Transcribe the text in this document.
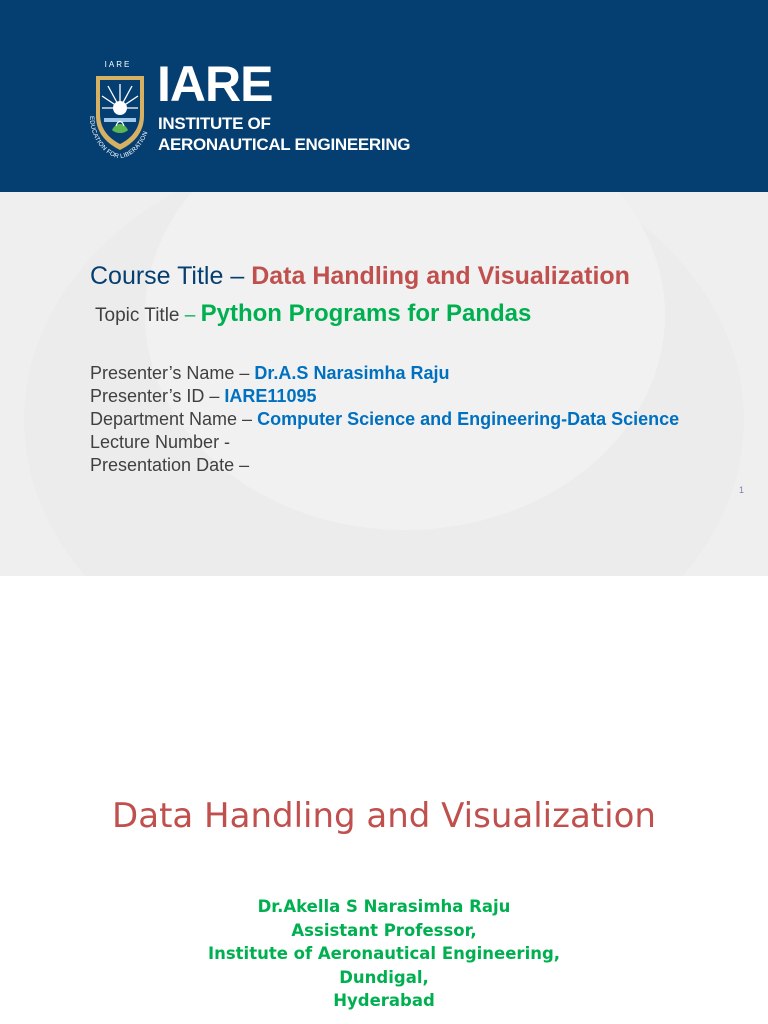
IARE
EDUCATION FOR LIBERATION
IARE
INSTITUTE OF
AERONAUTICAL ENGINEERING
Course Title – Data Handling and Visualization
Topic Title – Python Programs for Pandas
Presenter’s Name – Dr.A.S Narasimha Raju
Presenter’s ID – IARE11095
Department Name – Computer Science and Engineering-Data Science
Lecture Number -
Presentation Date –
1
Data Handling and Visualization
Dr.Akella S Narasimha Raju
Assistant Professor,
Institute of Aeronautical Engineering,
Dundigal,
Hyderabad
